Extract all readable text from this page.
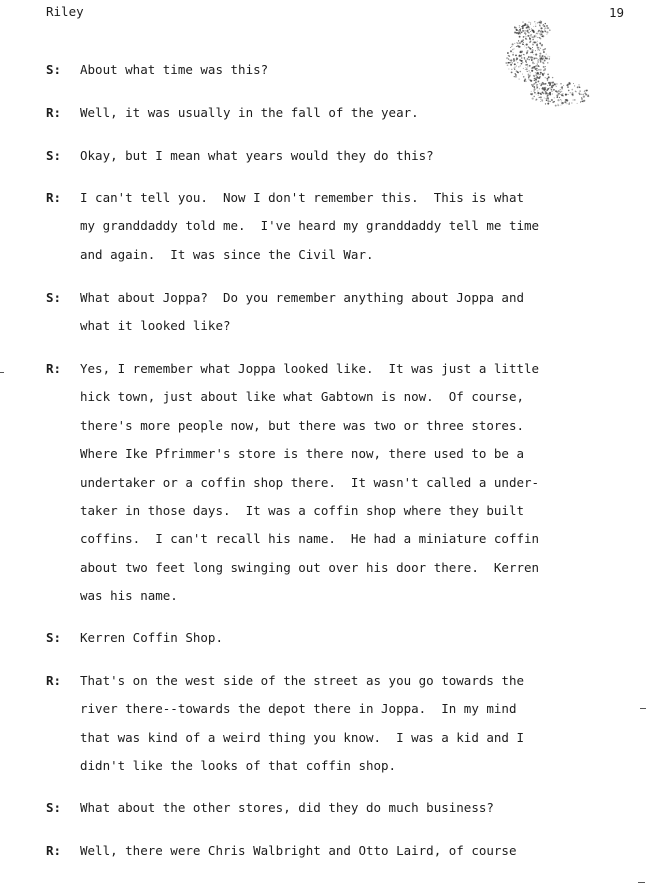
Riley	19
S: About what time was this?
R: Well, it was usually in the fall of the year.
S: Okay, but I mean what years would they do this?
R: I can't tell you.  Now I don't remember this.  This is what
my granddaddy told me.  I've heard my granddaddy tell me time
and again.  It was since the Civil War.
S: What about Joppa?  Do you remember anything about Joppa and
what it looked like?
R: Yes, I remember what Joppa looked like.  It was just a little
hick town, just about like what Gabtown is now.  Of course,
there's more people now, but there was two or three stores.
Where Ike Pfrimmer's store is there now, there used to be a
undertaker or a coffin shop there.  It wasn't called a under-
taker in those days.  It was a coffin shop where they built
coffins.  I can't recall his name.  He had a miniature coffin
about two feet long swinging out over his door there.  Kerren
was his name.
S: Kerren Coffin Shop.
R: That's on the west side of the street as you go towards the
river there--towards the depot there in Joppa.  In my mind
that was kind of a weird thing you know.  I was a kid and I
didn't like the looks of that coffin shop.
S: What about the other stores, did they do much business?
R: Well, there were Chris Walbright and Otto Laird, of course
